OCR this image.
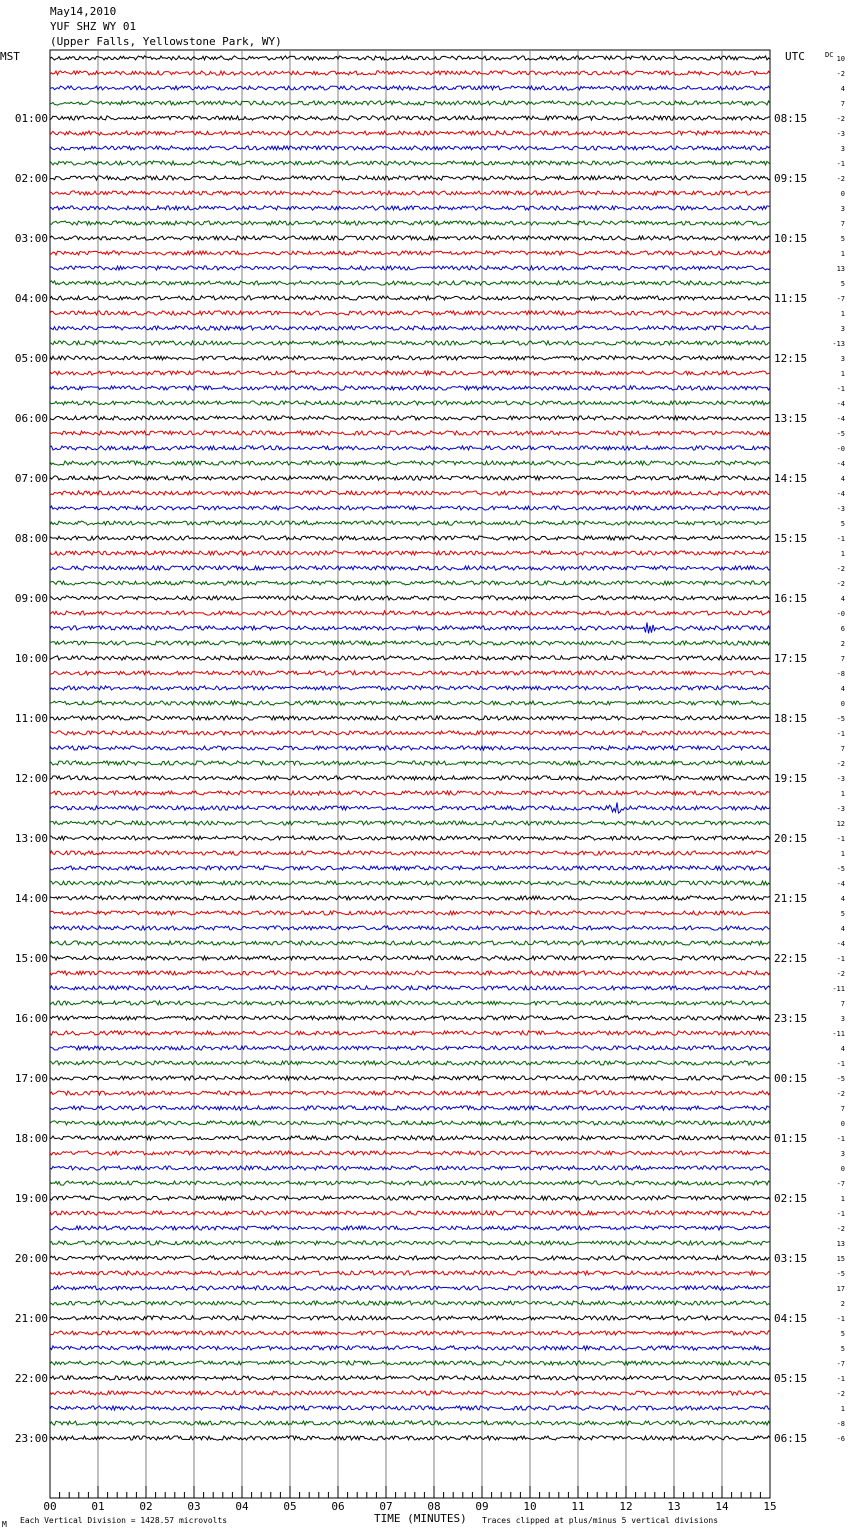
May14,2010
YUF SHZ WY 01
(Upper Falls, Yellowstone Park, WY)
MST	UTC	10
-2
4
7
-2
-3
3
-1
-2
0
3
7
5
1
13
5
-7
1
3
-13
3
1
-1
-4
-4
-5
-0
-4
4
-4
-3
5
-1
1
-2
-2
4
-0
6
2
7
-8
4
0
-5
-1
7
-2
-3
1
-3
12
-1
1
-5
-4
4
5
4
-4
-1
-2
-11
7
3
-11
4
-1
-5
-2
7
0
-1
3
0
-7
1
-1
-2
13
15
-5
17
2
-1
5
5
-7
-1
-2
1
-8
-6
DC
01:00
02:00
03:00
04:00
05:00
06:00
07:00
08:00
09:00
10:00
11:00
12:00
13:00
14:00
15:00
16:00
17:00
18:00
19:00
20:00
21:00
22:00
23:00
08:15
09:15
10:15
11:15
12:15
13:15
14:15
15:15
16:15
17:15
18:15
19:15
20:15
21:15
22:15
23:15
00:15
01:15
02:15
03:15
04:15
05:15
06:15
00	01	02	03	04	05	06	07	08	09	10	11	12	13	14	15
M Each Vertical Division = 1428.57 microvolts	TIME (MINUTES) Traces clipped at plus/minus 5 vertical divisions
